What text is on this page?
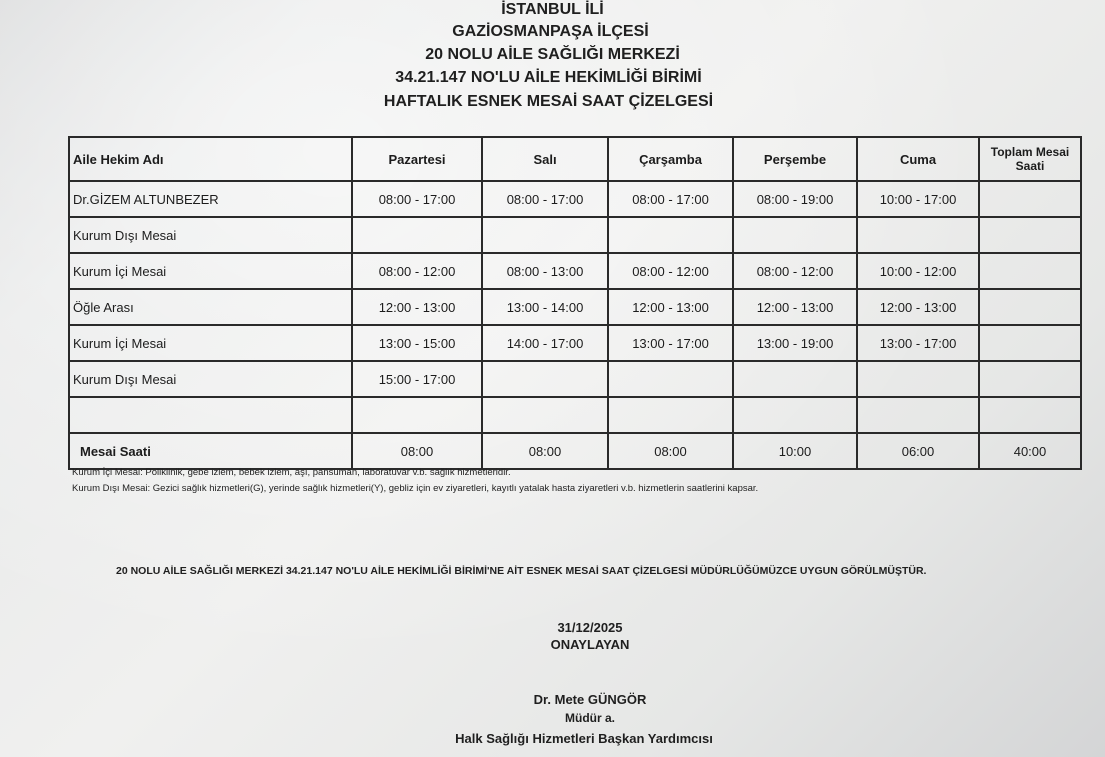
İSTANBUL İLİ
GAZİOSMANPAŞA İLÇESİ
20 NOLU AİLE SAĞLIĞI MERKEZİ
34.21.147 NO'LU AİLE HEKİMLİĞİ BİRİMİ
HAFTALIK ESNEK MESAİ SAAT ÇİZELGESİ
Aile Hekim Adı	Pazartesi	Salı	Çarşamba	Perşembe	Cuma	Toplam Mesai Saati
Dr.GİZEM ALTUNBEZER	08:00 - 17:00	08:00 - 17:00	08:00 - 17:00	08:00 - 19:00	10:00 - 17:00	
Kurum Dışı Mesai						
Kurum İçi Mesai	08:00 - 12:00	08:00 - 13:00	08:00 - 12:00	08:00 - 12:00	10:00 - 12:00	
Öğle Arası	12:00 - 13:00	13:00 - 14:00	12:00 - 13:00	12:00 - 13:00	12:00 - 13:00	
Kurum İçi Mesai	13:00 - 15:00	14:00 - 17:00	13:00 - 17:00	13:00 - 19:00	13:00 - 17:00	
Kurum Dışı Mesai	15:00 - 17:00					

Mesai Saati	08:00	08:00	08:00	10:00	06:00	40:00
Kurum İçi Mesai: Poliklinik, gebe izlem, bebek izlem, aşı, pansuman, laboratuvar v.b. sağlık hizmetleridir.
Kurum Dışı Mesai: Gezici sağlık hizmetleri(G), yerinde sağlık hizmetleri(Y), gebliz için ev ziyaretleri, kayıtlı yatalak hasta ziyaretleri v.b. hizmetlerin saatlerini kapsar.
20 NOLU AİLE SAĞLIĞI MERKEZİ 34.21.147 NO'LU AİLE HEKİMLİĞİ BİRİMİ'NE AİT ESNEK MESAİ SAAT ÇİZELGESİ MÜDÜRLÜĞÜMÜZCE UYGUN GÖRÜLMÜŞTÜR.
31/12/2025
ONAYLAYAN
Dr. Mete GÜNGÖR
Müdür a.
Halk Sağlığı Hizmetleri Başkan Yardımcısı
